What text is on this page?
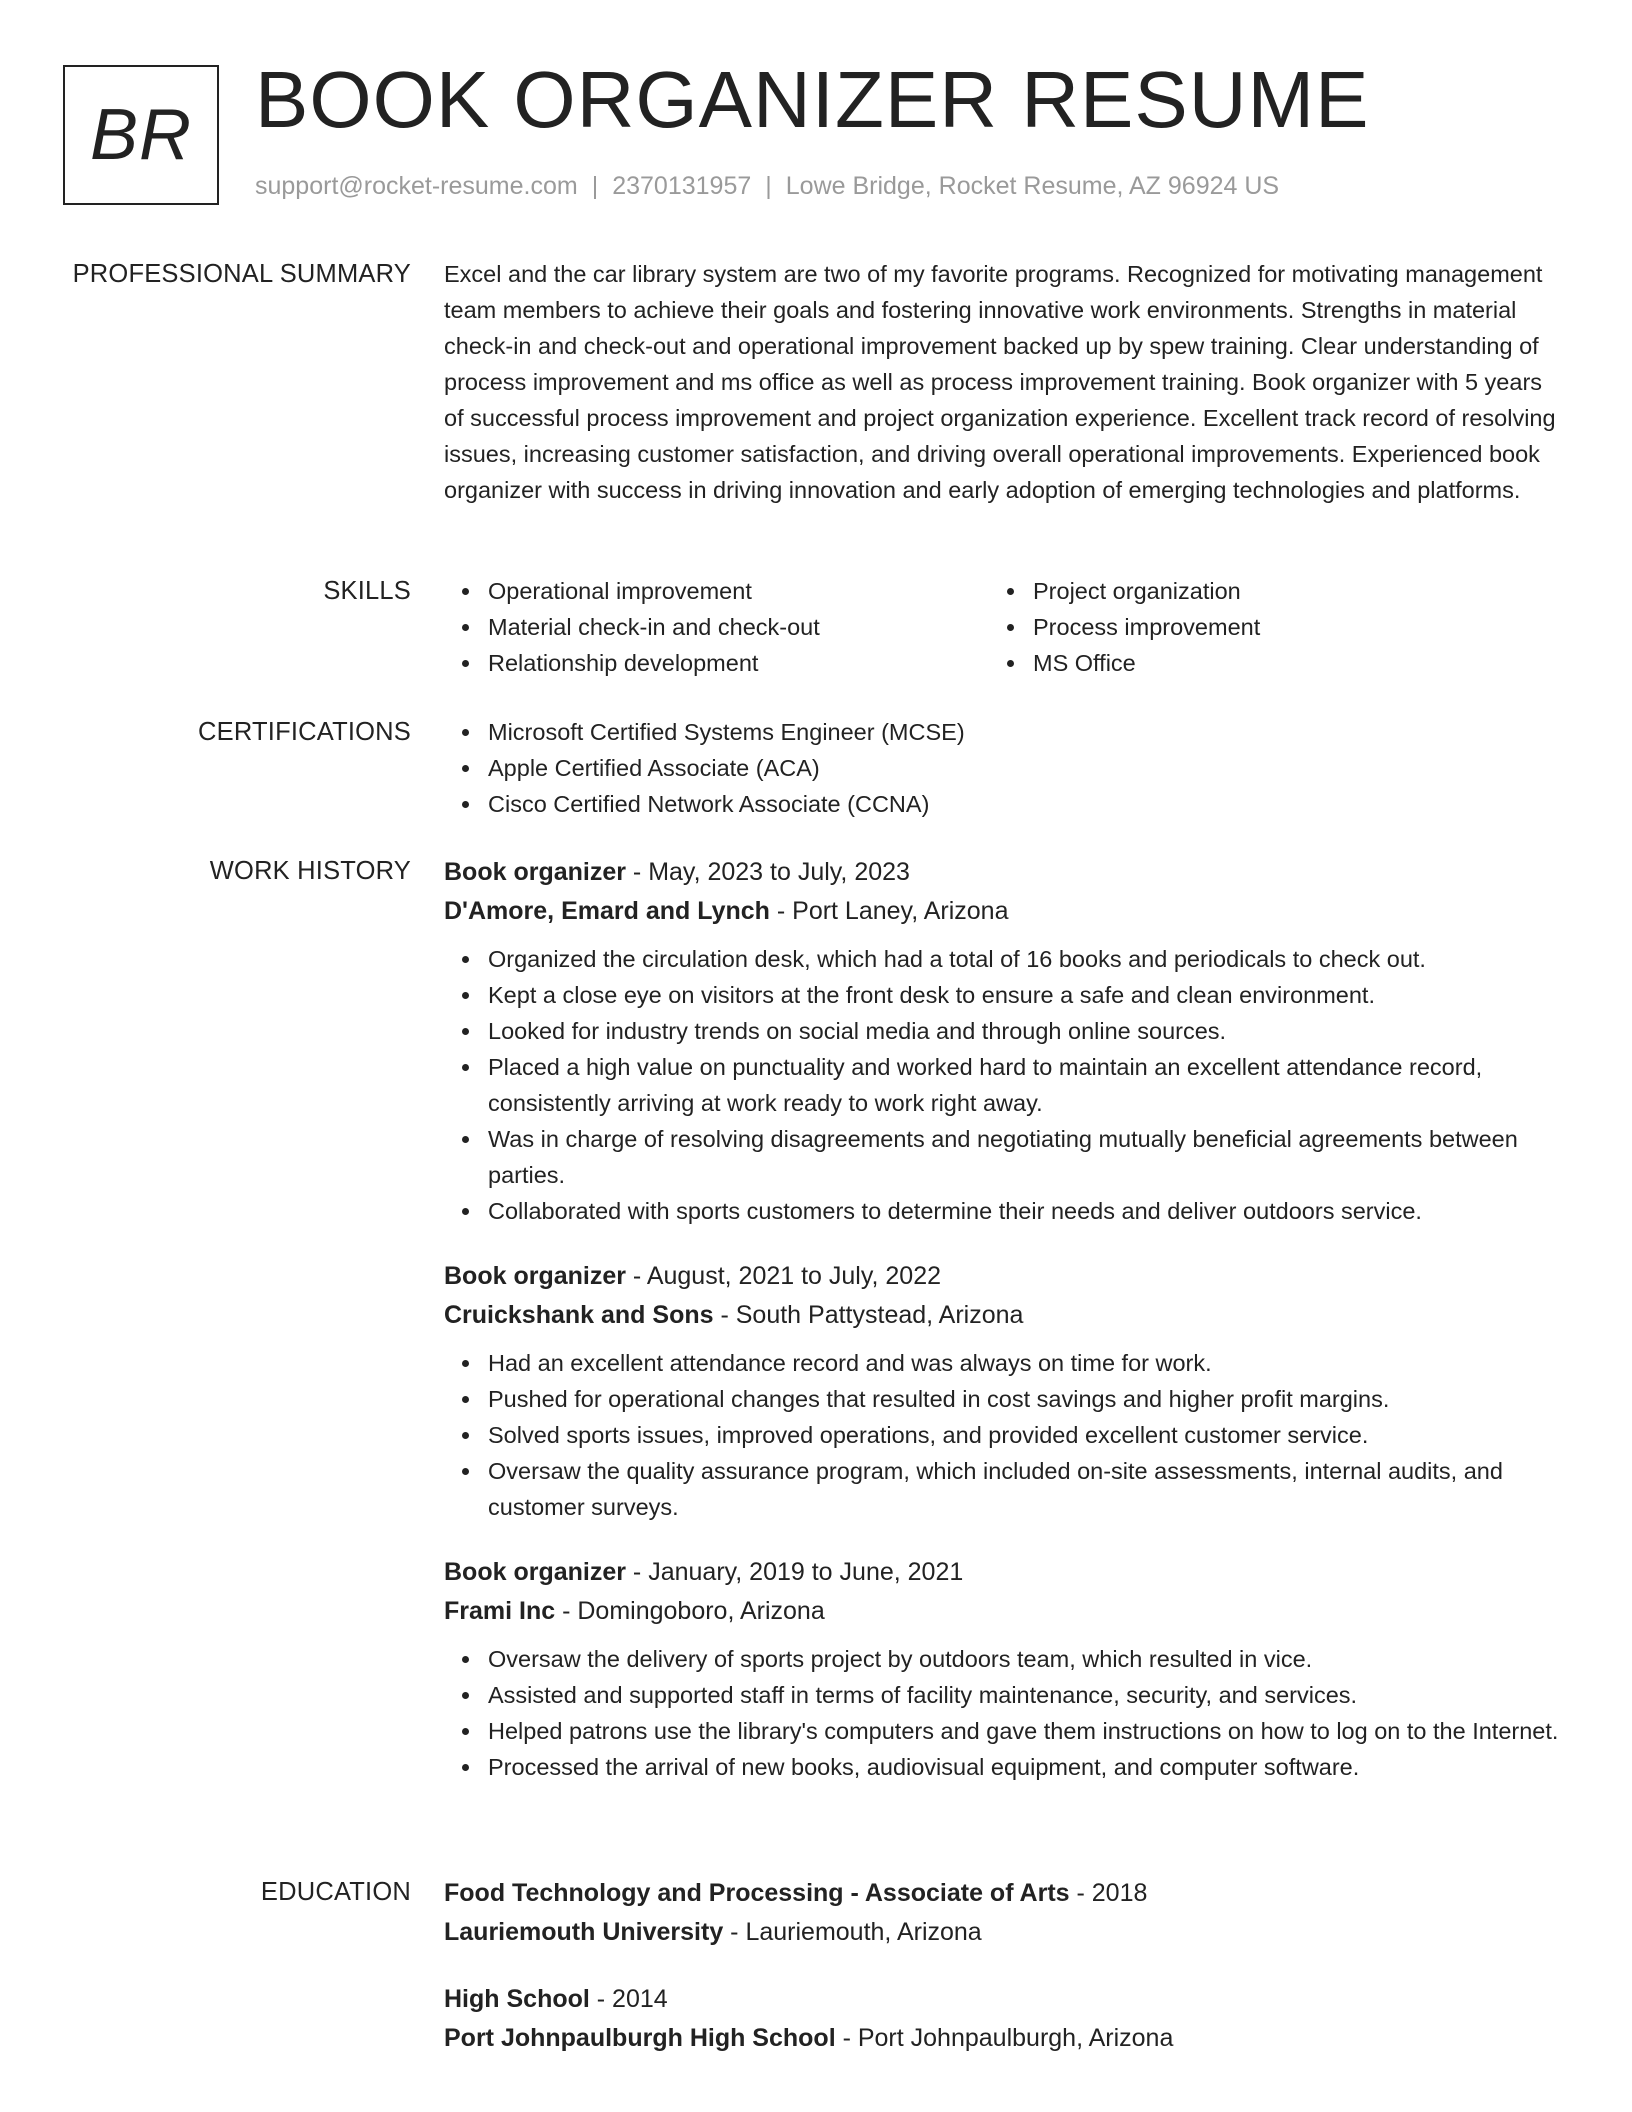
BR BOOK ORGANIZER RESUME
support@rocket-resume.com | 2370131957 | Lowe Bridge, Rocket Resume, AZ 96924 US
PROFESSIONAL SUMMARY Excel and the car library system are two of my favorite programs. Recognized for motivating management team members to achieve their goals and fostering innovative work environments. Strengths in material check-in and check-out and operational improvement backed up by spew training. Clear understanding of process improvement and ms office as well as process improvement training. Book organizer with 5 years of successful process improvement and project organization experience. Excellent track record of resolving issues, increasing customer satisfaction, and driving overall operational improvements. Experienced book organizer with success in driving innovation and early adoption of emerging technologies and platforms.

SKILLS	Operational improvement
Material check-in and check-out
Relationship development
Project organization
Process improvement
MS Office
CERTIFICATIONS	Microsoft Certified Systems Engineer (MCSE)
Apple Certified Associate (ACA)
Cisco Certified Network Associate (CCNA)
WORK HISTORY Book organizer - May, 2023 to July, 2023
D'Amore, Emard and Lynch - Port Laney, Arizona
Organized the circulation desk, which had a total of 16 books and periodicals to check out.
Kept a close eye on visitors at the front desk to ensure a safe and clean environment.
Looked for industry trends on social media and through online sources.
Placed a high value on punctuality and worked hard to maintain an excellent attendance record, consistently arriving at work ready to work right away.
Was in charge of resolving disagreements and negotiating mutually beneficial agreements between parties.
Collaborated with sports customers to determine their needs and deliver outdoors service.
Book organizer - August, 2021 to July, 2022
Cruickshank and Sons - South Pattystead, Arizona
Had an excellent attendance record and was always on time for work.
Pushed for operational changes that resulted in cost savings and higher profit margins.
Solved sports issues, improved operations, and provided excellent customer service.
Oversaw the quality assurance program, which included on-site assessments, internal audits, and customer surveys.
Book organizer - January, 2019 to June, 2021
Frami Inc - Domingoboro, Arizona
Oversaw the delivery of sports project by outdoors team, which resulted in vice.
Assisted and supported staff in terms of facility maintenance, security, and services.
Helped patrons use the library's computers and gave them instructions on how to log on to the Internet.
Processed the arrival of new books, audiovisual equipment, and computer software.
EDUCATION Food Technology and Processing - Associate of Arts - 2018
Lauriemouth University - Lauriemouth, Arizona
High School - 2014
Port Johnpaulburgh High School - Port Johnpaulburgh, Arizona
